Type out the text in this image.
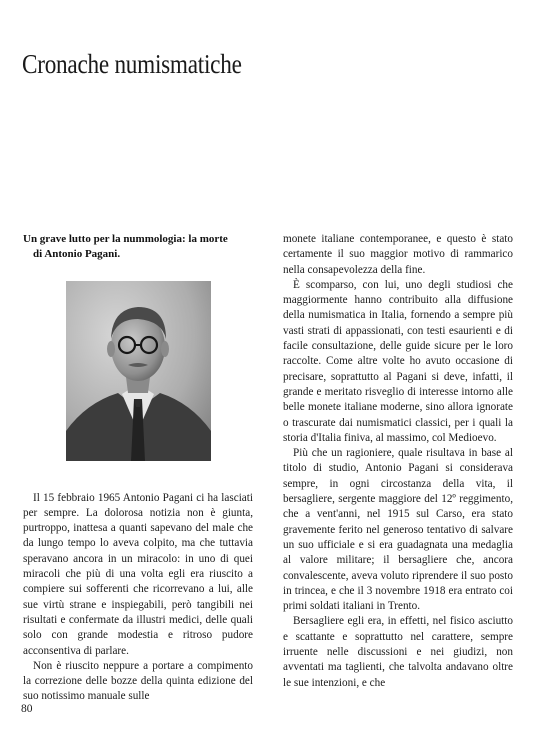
Cronache numismatiche
Un grave lutto per la nummologia: la morte
di Antonio Pagani.

Il 15 febbraio 1965 Antonio Pagani ci ha lasciati per sempre. La dolorosa notizia non è giunta, purtroppo, inattesa a quanti sapevano del male che da lungo tempo lo aveva colpito, ma che tuttavia speravano ancora in un miracolo: in uno di quei miracoli che più di una volta egli era riuscito a compiere sui sofferenti che ricorrevano a lui, alle sue virtù strane e inspiegabili, però tangibili nei risultati e confermate da illustri medici, delle quali solo con grande modestia e ritroso pudore acconsentiva di parlare.

Non è riuscito neppure a portare a compimento la correzione delle bozze della quinta edizione del suo notissimo manuale sulle

monete italiane contemporanee, e questo è stato certamente il suo maggior motivo di rammarico nella consapevolezza della fine.

È scomparso, con lui, uno degli studiosi che maggiormente hanno contribuito alla diffusione della numismatica in Italia, fornendo a sempre più vasti strati di appassionati, con testi esaurienti e di facile consultazione, delle guide sicure per le loro raccolte. Come altre volte ho avuto occasione di precisare, soprattutto al Pagani si deve, infatti, il grande e meritato risveglio di interesse intorno alle belle monete italiane moderne, sino allora ignorate o trascurate dai numismatici classici, per i quali la storia d'Italia finiva, al massimo, col Medioevo.

Più che un ragioniere, quale risultava in base al titolo di studio, Antonio Pagani si considerava sempre, in ogni circostanza della vita, il bersagliere, sergente maggiore del 12º reggimento, che a vent'anni, nel 1915 sul Carso, era stato gravemente ferito nel generoso tentativo di salvare un suo ufficiale e si era guadagnata una medaglia al valore militare; il bersagliere che, ancora convalescente, aveva voluto riprendere il suo posto in trincea, e che il 3 novembre 1918 era entrato coi primi soldati italiani in Trento.

Bersagliere egli era, in effetti, nel fisico asciutto e scattante e soprattutto nel carattere, sempre irruente nelle discussioni e nei giudizi, non avventati ma taglienti, che talvolta andavano oltre le sue intenzioni, e che

80
